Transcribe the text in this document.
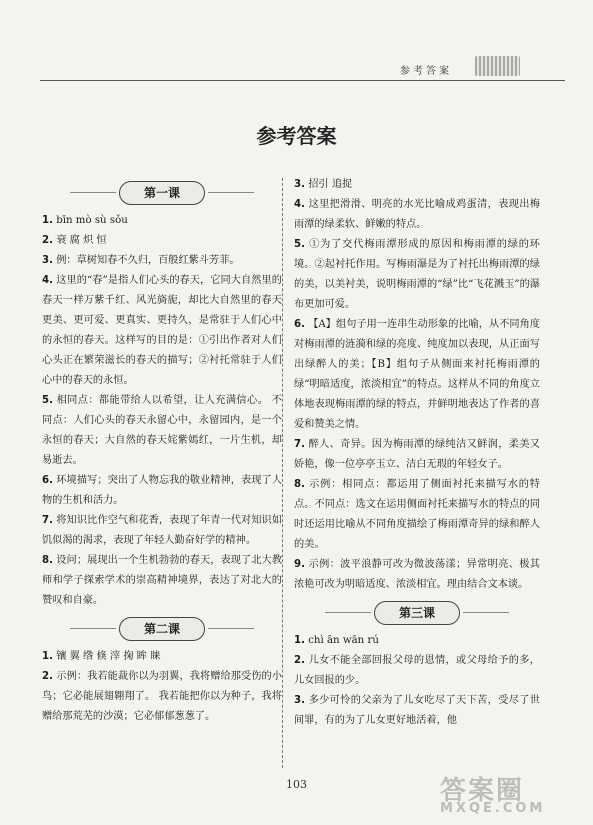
参考答案
参考答案
第一课

1. bīn mò sù sǒu

2. 衰 腐 炽 恒

3. 例：草树知春不久归，百般红紫斗芳菲。

4. 这里的“春”是指人们心头的春天，它同大自然里的春天一样万紫千红、风光旖旎，却比大自然里的春天更美、更可爱、更真实、更持久，是常驻于人们心中的永恒的春天。这样写的目的是：①引出作者对人们心头正在繁荣滋长的春天的描写；②衬托常驻于人们心中的春天的永恒。

5. 相同点：都能带给人以希望，让人充满信心。 不同点：人们心头的春天永留心中，永留园内，是一个永恒的春天；大自然的春天姹紫嫣红，一片生机，却易逝去。

6. 环境描写；突出了人物忘我的敬业精神，表现了人物的生机和活力。

7. 将知识比作空气和花香，表现了年青一代对知识如饥似渴的渴求，表现了年轻人勤奋好学的精神。

8. 设问；展现出一个生机勃勃的春天，表现了北大教师和学子探索学术的崇高精神境界，表达了对北大的赞叹和自豪。

第二课

1. 镶 翼 绺 倏 滓 掬 眸 睐

2. 示例：我若能裁你以为羽翼，我将赠给那受伤的小鸟；它必能展翅翱翔了。 我若能把你以为种子，我将赠给那荒芜的沙漠；它必郁郁葱葱了。

3. 招引 追捉

4. 这里把滑滑、明亮的水光比喻成鸡蛋清，表现出梅雨潭的绿柔软、鲜嫩的特点。

5. ①为了交代梅雨潭形成的原因和梅雨潭的绿的环境。②起衬托作用。写梅雨瀑是为了衬托出梅雨潭的绿的美，以美衬美，说明梅雨潭的“绿”比“飞花溅玉”的瀑布更加可爱。

6. 【A】组句子用一连串生动形象的比喻，从不同角度对梅雨潭的涟漪和绿的亮度、纯度加以表现，从正面写出绿醉人的美；【B】组句子从侧面来衬托梅雨潭的绿“明暗适度，浓淡相宜”的特点。这样从不同的角度立体地表现梅雨潭的绿的特点，并鲜明地表达了作者的喜爱和赞美之情。

7. 醉人、奇异。因为梅雨潭的绿纯洁又鲜润，柔美又娇艳，像一位亭亭玉立、洁白无瑕的年轻女子。

8. 示例：相同点：都运用了侧面衬托来描写水的特点。不同点：选文在运用侧面衬托来描写水的特点的同时还运用比喻从不同角度描绘了梅雨潭奇异的绿和醉人的美。

9. 示例：波平浪静可改为微波荡漾；异常明亮、极其浓艳可改为明暗适度、浓淡相宜。理由结合文本谈。

第三课

1. chì ān wān rú

2. 儿女不能全部回报父母的恩情，或父母给予的多，儿女回报的少。

3. 多少可怜的父亲为了儿女吃尽了天下苦，受尽了世间罪，有的为了儿女更好地活着，他

103	答案圈
MXQE.COM
